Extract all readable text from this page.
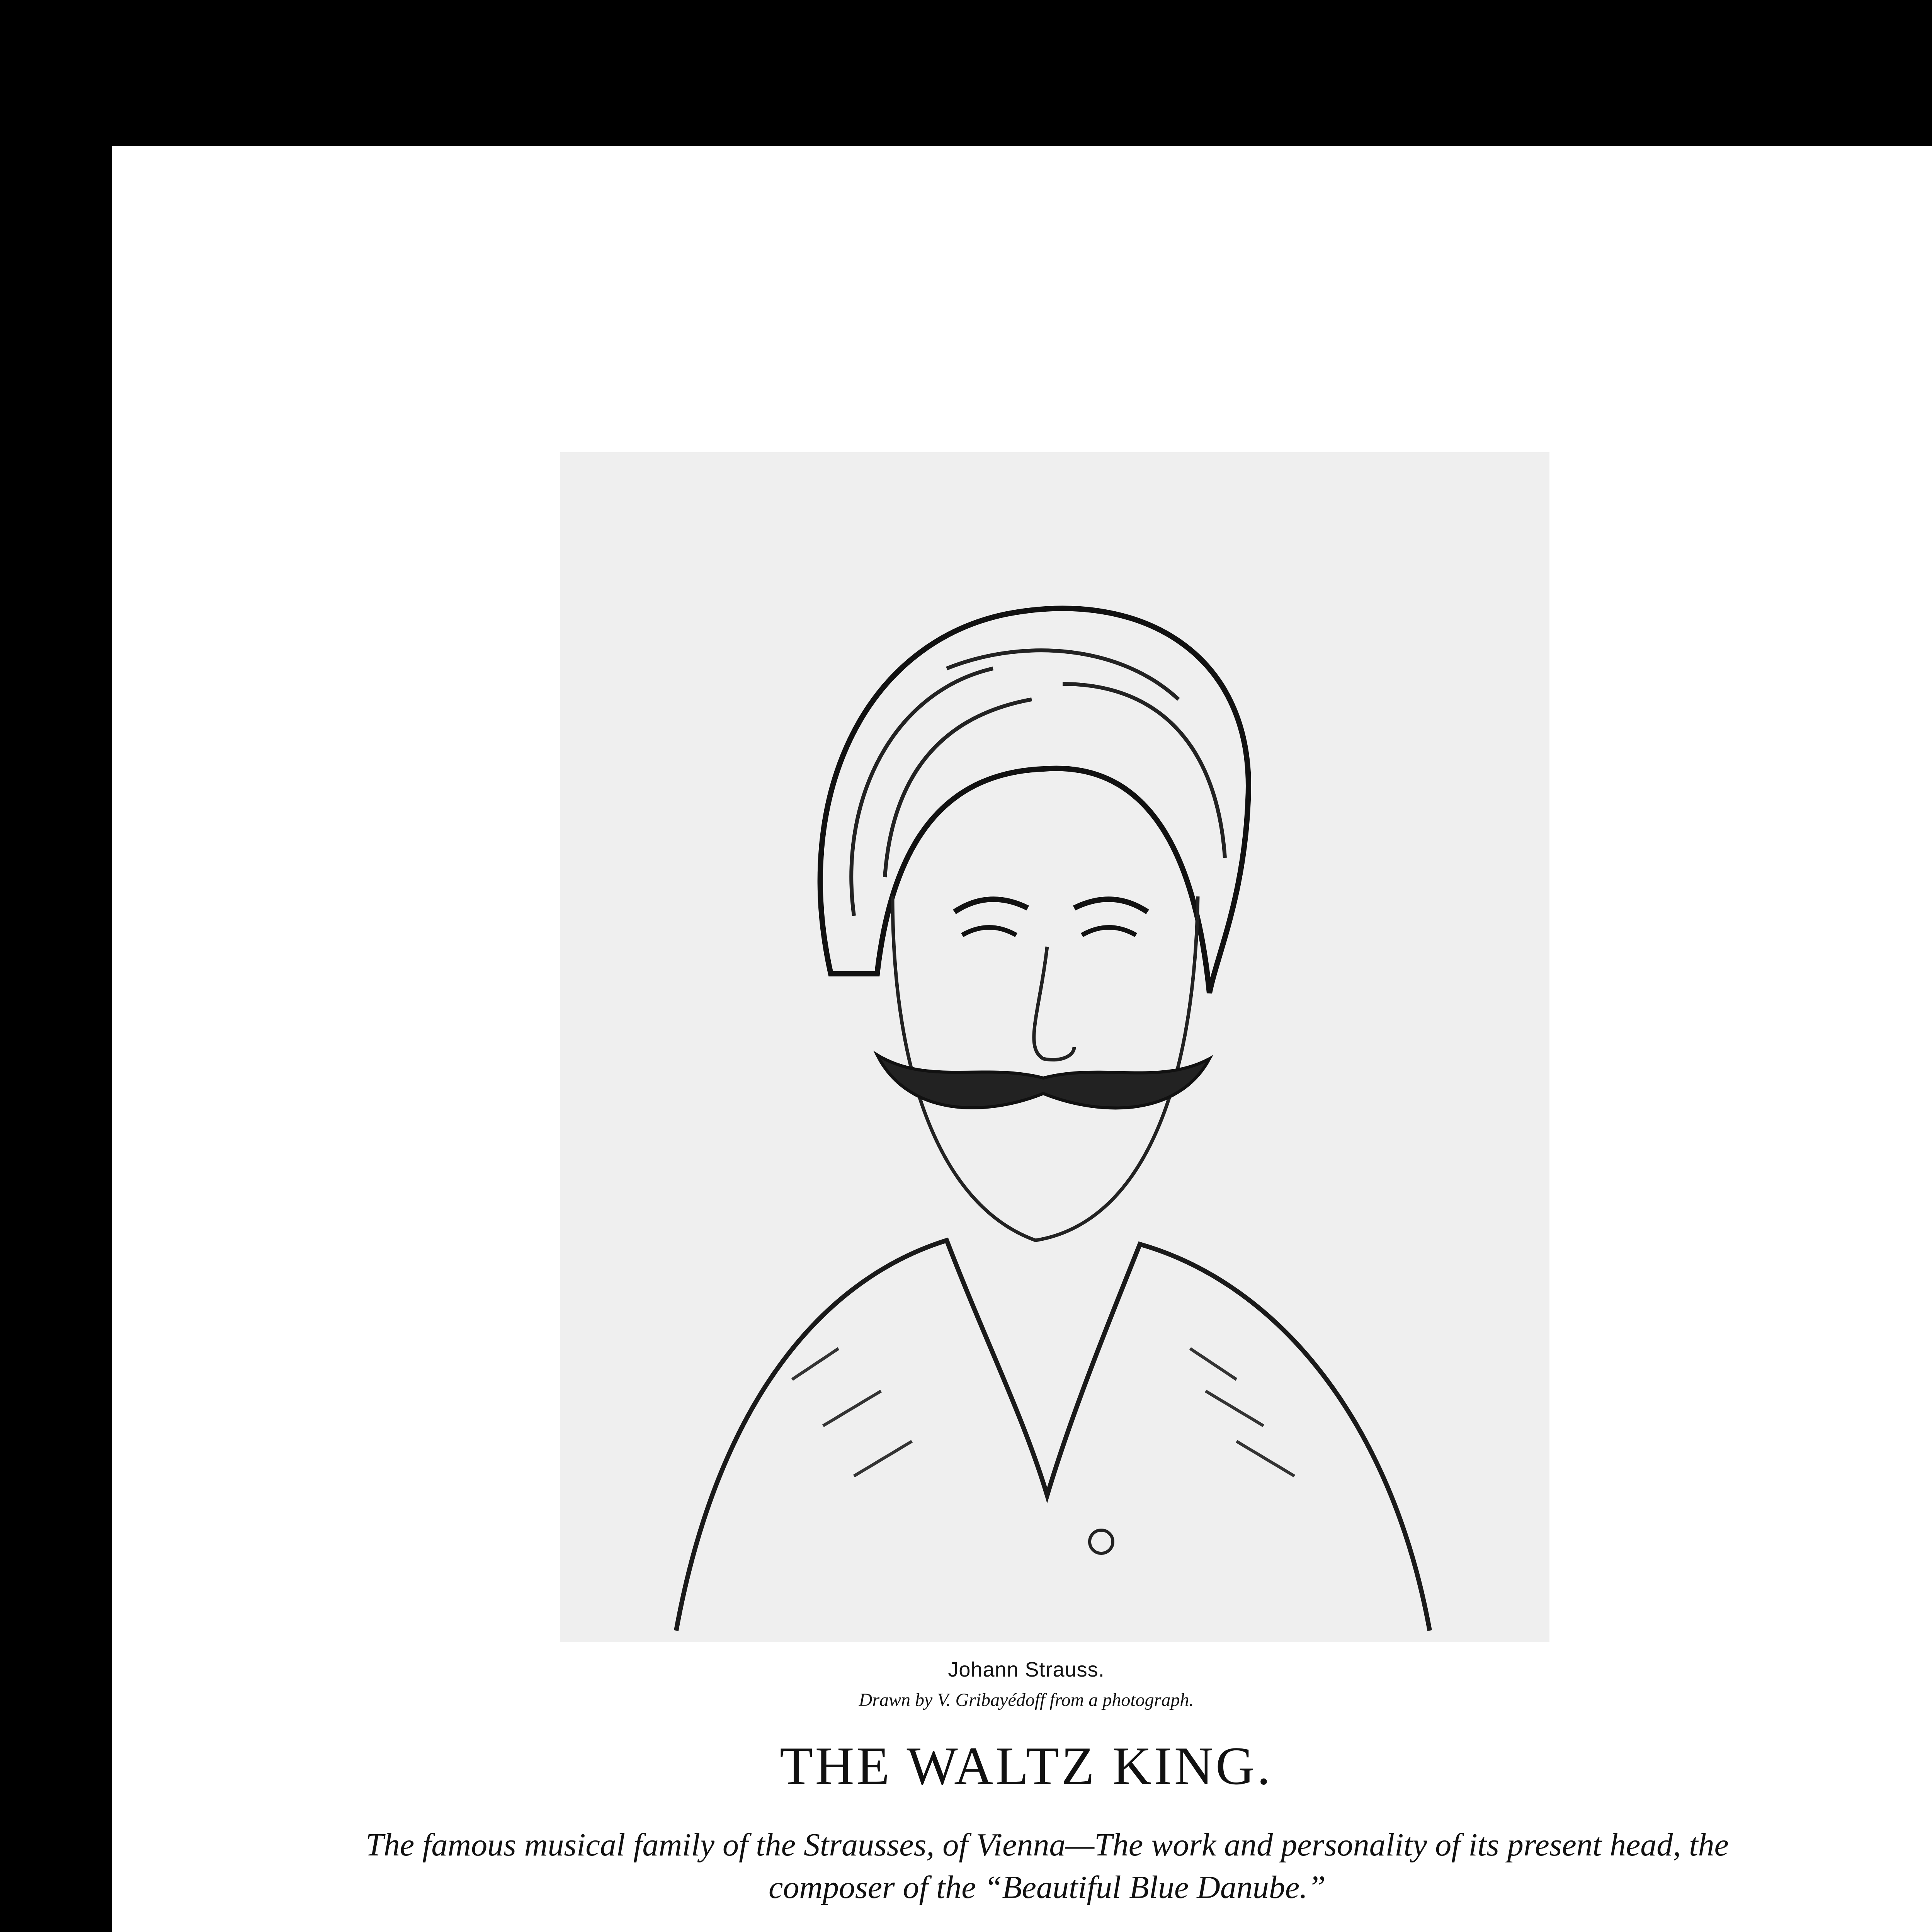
Johann Strauss.
Drawn by V. Gribayédoff from a photograph.
THE WALTZ KING.
The famous musical family of the Strausses, of Vienna—The work and personality of its present head, the composer of the “Beautiful Blue Danube.”
